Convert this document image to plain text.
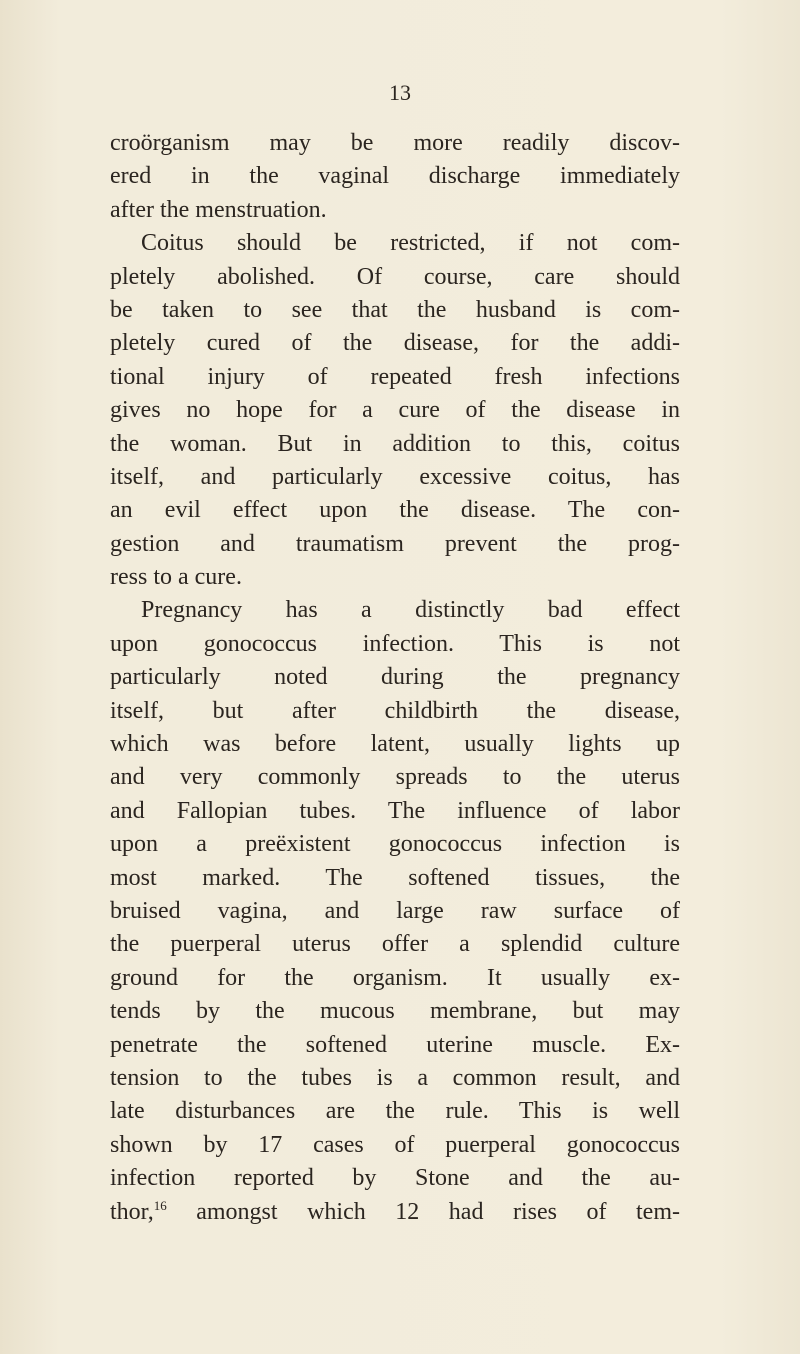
13
croörganism may be more readily discov-
ered in the vaginal discharge immediately
after the menstruation.
Coitus should be restricted, if not com-
pletely abolished. Of course, care should
be taken to see that the husband is com-
pletely cured of the disease, for the addi-
tional injury of repeated fresh infections
gives no hope for a cure of the disease in
the woman. But in addition to this, coitus
itself, and particularly excessive coitus, has
an evil effect upon the disease. The con-
gestion and traumatism prevent the prog-
ress to a cure.
Pregnancy has a distinctly bad effect
upon gonococcus infection. This is not
particularly noted during the pregnancy
itself, but after childbirth the disease,
which was before latent, usually lights up
and very commonly spreads to the uterus
and Fallopian tubes. The influence of labor
upon a preëxistent gonococcus infection is
most marked. The softened tissues, the
bruised vagina, and large raw surface of
the puerperal uterus offer a splendid culture
ground for the organism. It usually ex-
tends by the mucous membrane, but may
penetrate the softened uterine muscle. Ex-
tension to the tubes is a common result, and
late disturbances are the rule. This is well
shown by 17 cases of puerperal gonococcus
infection reported by Stone and the au-
thor,$^{16}$ amongst which 12 had rises of tem-
